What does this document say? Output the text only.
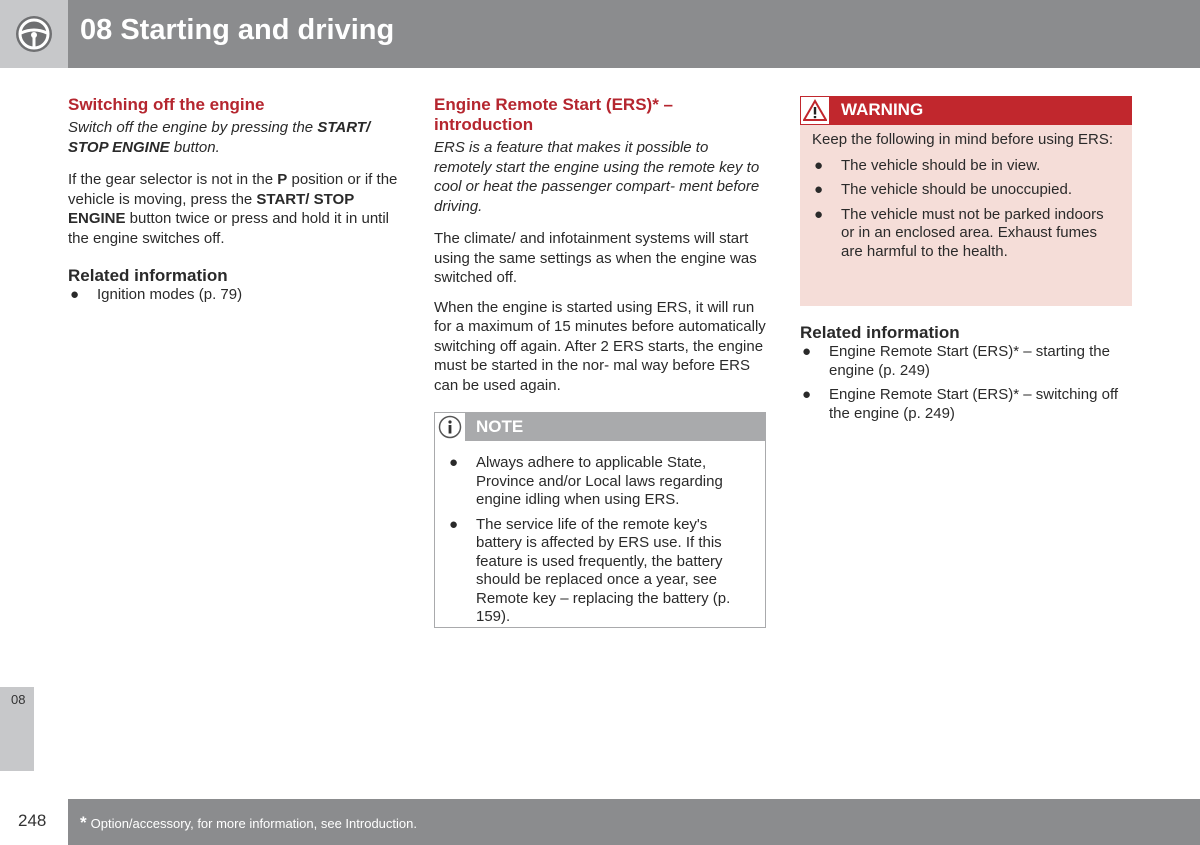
08 Starting and driving
Switching off the engine

Switch off the engine by pressing the START/ STOP ENGINE button.

If the gear selector is not in the P position or if the vehicle is moving, press the START/ STOP ENGINE button twice or press and hold it in until the engine switches off.

Related information
● Ignition modes (p. 79)
Engine Remote Start (ERS)* – introduction

ERS is a feature that makes it possible to remotely start the engine using the remote key to cool or heat the passenger compart- ment before driving.

The climate/ and infotainment systems will start using the same settings as when the engine was switched off.

When the engine is started using ERS, it will run for a maximum of 15 minutes before automatically switching off again. After 2 ERS starts, the engine must be started in the nor- mal way before ERS can be used again.

NOTE
● Always adhere to applicable State, Province and/or Local laws regarding engine idling when using ERS.
● The service life of the remote key's battery is affected by ERS use. If this feature is used frequently, the battery should be replaced once a year, see Remote key – replacing the battery (p. 159).
WARNING

Keep the following in mind before using ERS:

● The vehicle should be in view.
● The vehicle should be unoccupied.
● The vehicle must not be parked indoors or in an enclosed area. Exhaust fumes are harmful to the health.
Related information
● Engine Remote Start (ERS)* – starting the engine (p. 249)
● Engine Remote Start (ERS)* – switching off the engine (p. 249)
08
* Option/accessory, for more information, see Introduction.
248
